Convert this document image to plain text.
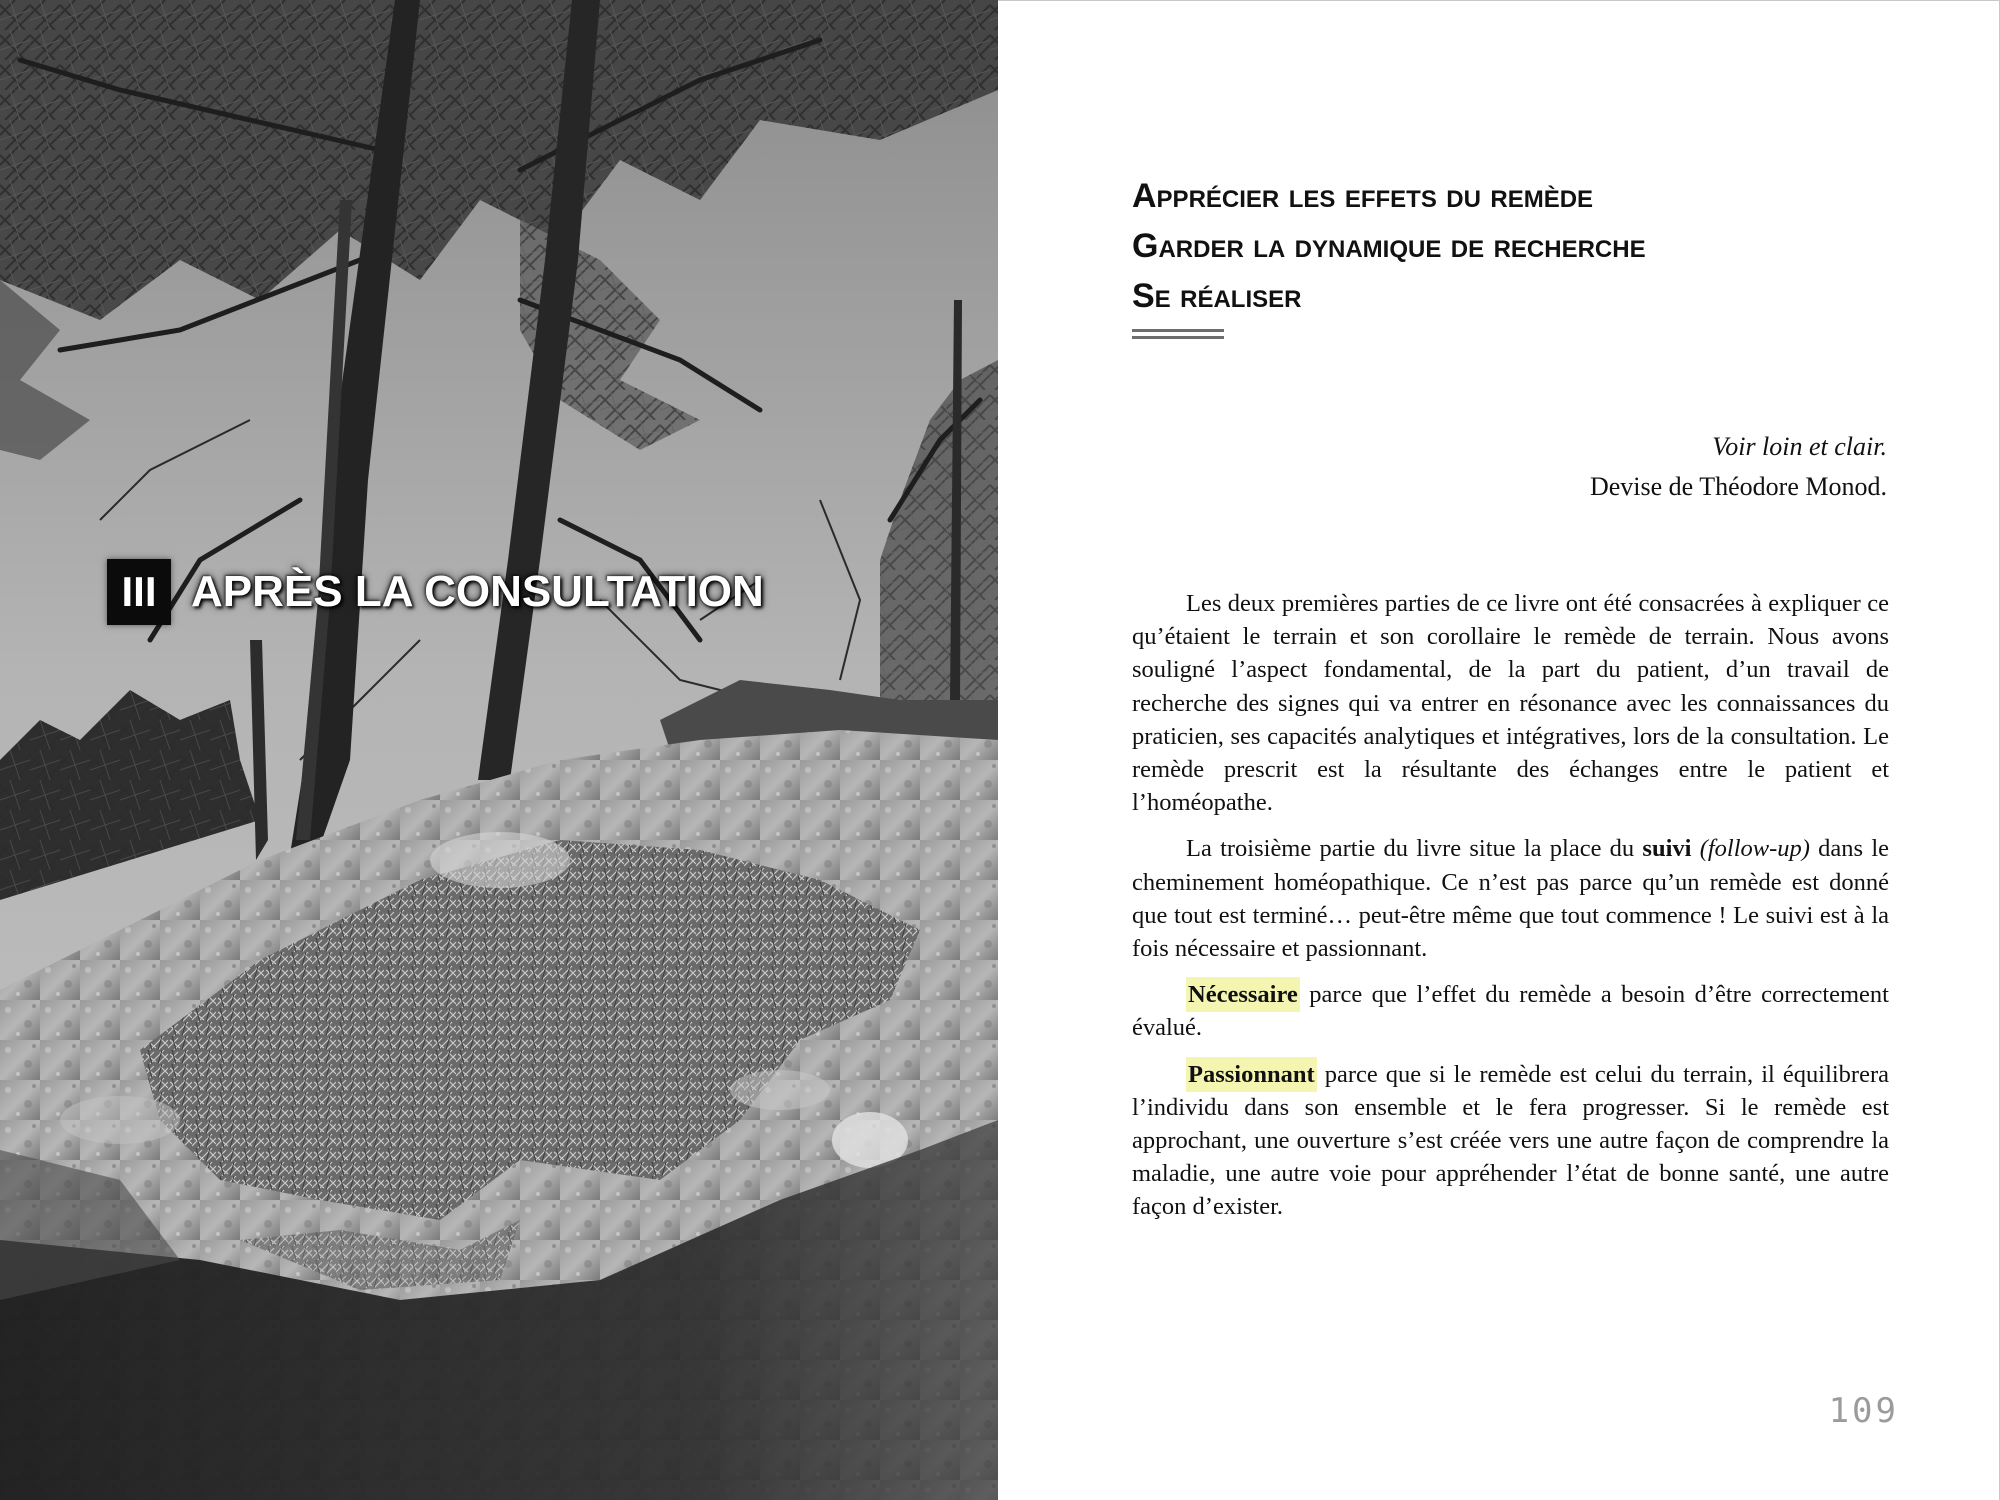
III APRÈS LA CONSULTATION
Apprécier les effets du remède
Garder la dynamique de recherche
Se réaliser
Voir loin et clair.
Devise de Théodore Monod.

Les deux premières parties de ce livre ont été consacrées à expliquer ce qu’étaient le terrain et son corollaire le remède de terrain. Nous avons souligné l’aspect fondamental, de la part du patient, d’un travail de recherche des signes qui va entrer en résonance avec les connaissances du praticien, ses capacités analytiques et intégratives, lors de la consultation. Le remède prescrit est la résultante des échanges entre le patient et l’homéopathe.

La troisième partie du livre situe la place du suivi (follow-up) dans le cheminement homéopathique. Ce n’est pas parce qu’un remède est donné que tout est terminé… peut-être même que tout commence ! Le suivi est à la fois nécessaire et passionnant.

Nécessaire parce que l’effet du remède a besoin d’être correctement évalué.

Passionnant parce que si le remède est celui du terrain, il équilibrera l’individu dans son ensemble et le fera progresser. Si le remède est approchant, une ouverture s’est créée vers une autre façon de comprendre la maladie, une autre voie pour appréhender l’état de bonne santé, une autre façon d’exister.

109
